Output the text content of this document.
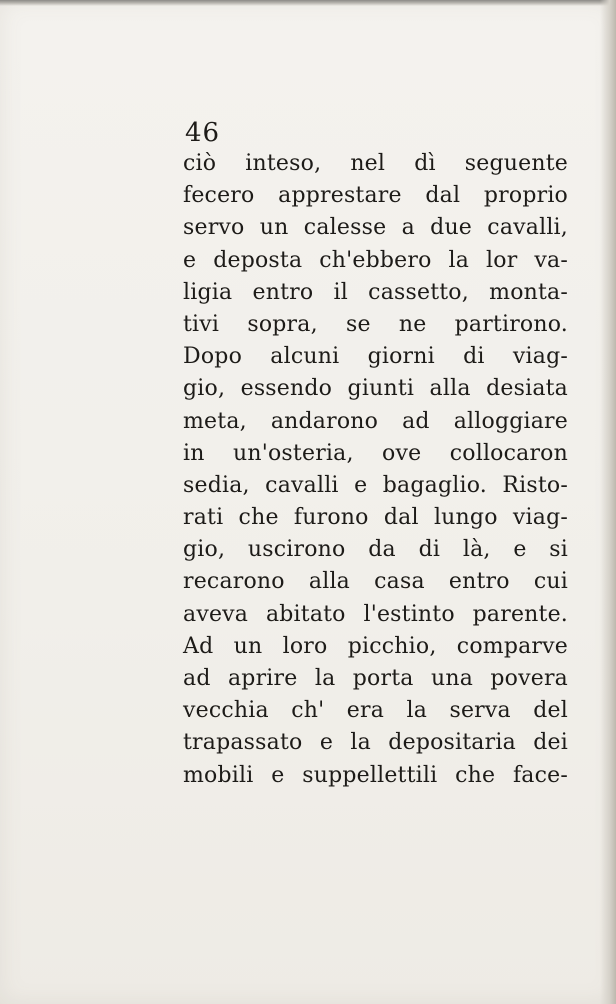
46
ciò inteso, nel dì seguente
fecero apprestare dal proprio
servo un calesse a due cavalli,
e deposta ch'ebbero la lor va-
ligia entro il cassetto, monta-
tivi sopra, se ne partirono.
Dopo alcuni giorni di viag-
gio, essendo giunti alla desiata
meta, andarono ad alloggiare
in un'osteria, ove collocaron
sedia, cavalli e bagaglio. Risto-
rati che furono dal lungo viag-
gio, uscirono da di là, e si
recarono alla casa entro cui
aveva abitato l'estinto parente.
Ad un loro picchio, comparve
ad aprire la porta una povera
vecchia ch' era la serva del
trapassato e la depositaria dei
mobili e suppellettili che face-
